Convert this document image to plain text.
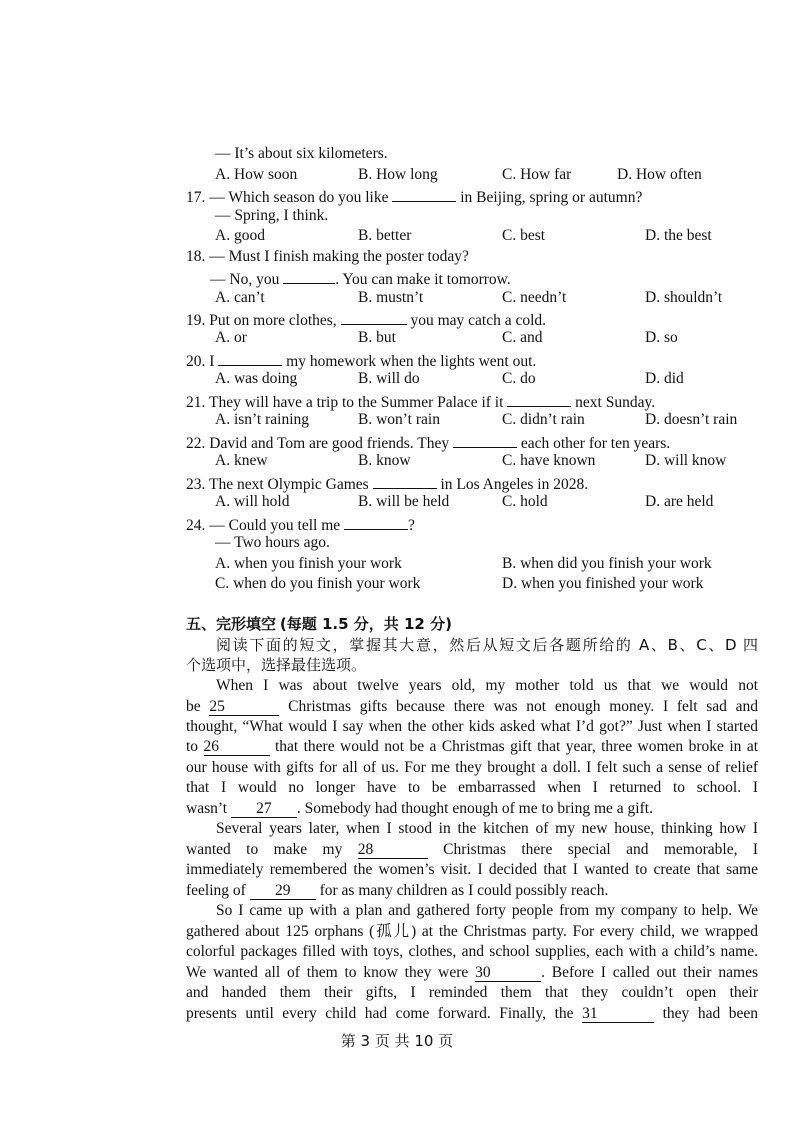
— It’s about six kilometers.
A. How soon	B. How long	C. How far	D. How often
17. — Which season do you like	in Beijing, spring or autumn?
— Spring, I think.
A. good	B. better	C. best	D. the best
18. — Must I finish making the poster today?
— No, you	. You can make it tomorrow.
A. can’t	B. mustn’t	C. needn’t	D. shouldn’t
19. Put on more clothes,	you may catch a cold.
A. or	B. but	C. and	D. so
20. I	my homework when the lights went out.
A. was doing	B. will do	C. do	D. did
21. They will have a trip to the Summer Palace if it	next Sunday.
A. isn’t raining	B. won’t rain	C. didn’t rain	D. doesn’t rain
22. David and Tom are good friends. They	each other for ten years.
A. knew	B. know	C. have known	D. will know
23. The next Olympic Games	in Los Angeles in 2028.
A. will hold	B. will be held	C. hold	D. are held
24. — Could you tell me	?
— Two hours ago.
A. when you finish your work	B. when did you finish your work
C. when do you finish your work	D. when you finished your work
五、完形填空 (每题 1.5 分，共 12 分)
阅读下面的短文，掌握其大意，然后从短文后各题所给的 A、B、C、D 四
个选项中，选择最佳选项。
When I was about twelve years old, my mother told us that we would not
be 25	Christmas gifts because there was not enough money. I felt sad and
thought, “What would I say when the other kids asked what I’d got?” Just when I started
to 26	that there would not be a Christmas gift that year, three women broke in at
our house with gifts for all of us. For me they brought a doll. I felt such a sense of relief
that I would no longer have to be embarrassed when I returned to school. I
wasn’t 27 . Somebody had thought enough of me to bring me a gift.
Several years later, when I stood in the kitchen of my new house, thinking how I
wanted to make my 28	Christmas there special and memorable, I
immediately remembered the women’s visit. I decided that I wanted to create that same
feeling of 29 for as many children as I could possibly reach.
So I came up with a plan and gathered forty people from my company to help. We
gathered about 125 orphans (孤儿) at the Christmas party. For every child, we wrapped
colorful packages filled with toys, clothes, and school supplies, each with a child’s name.
We wanted all of them to know they were 30	. Before I called out their names
and handed them their gifts, I reminded them that they couldn’t open their
presents until every child had come forward. Finally, the 31	they had been
第 3 页 共 10 页
